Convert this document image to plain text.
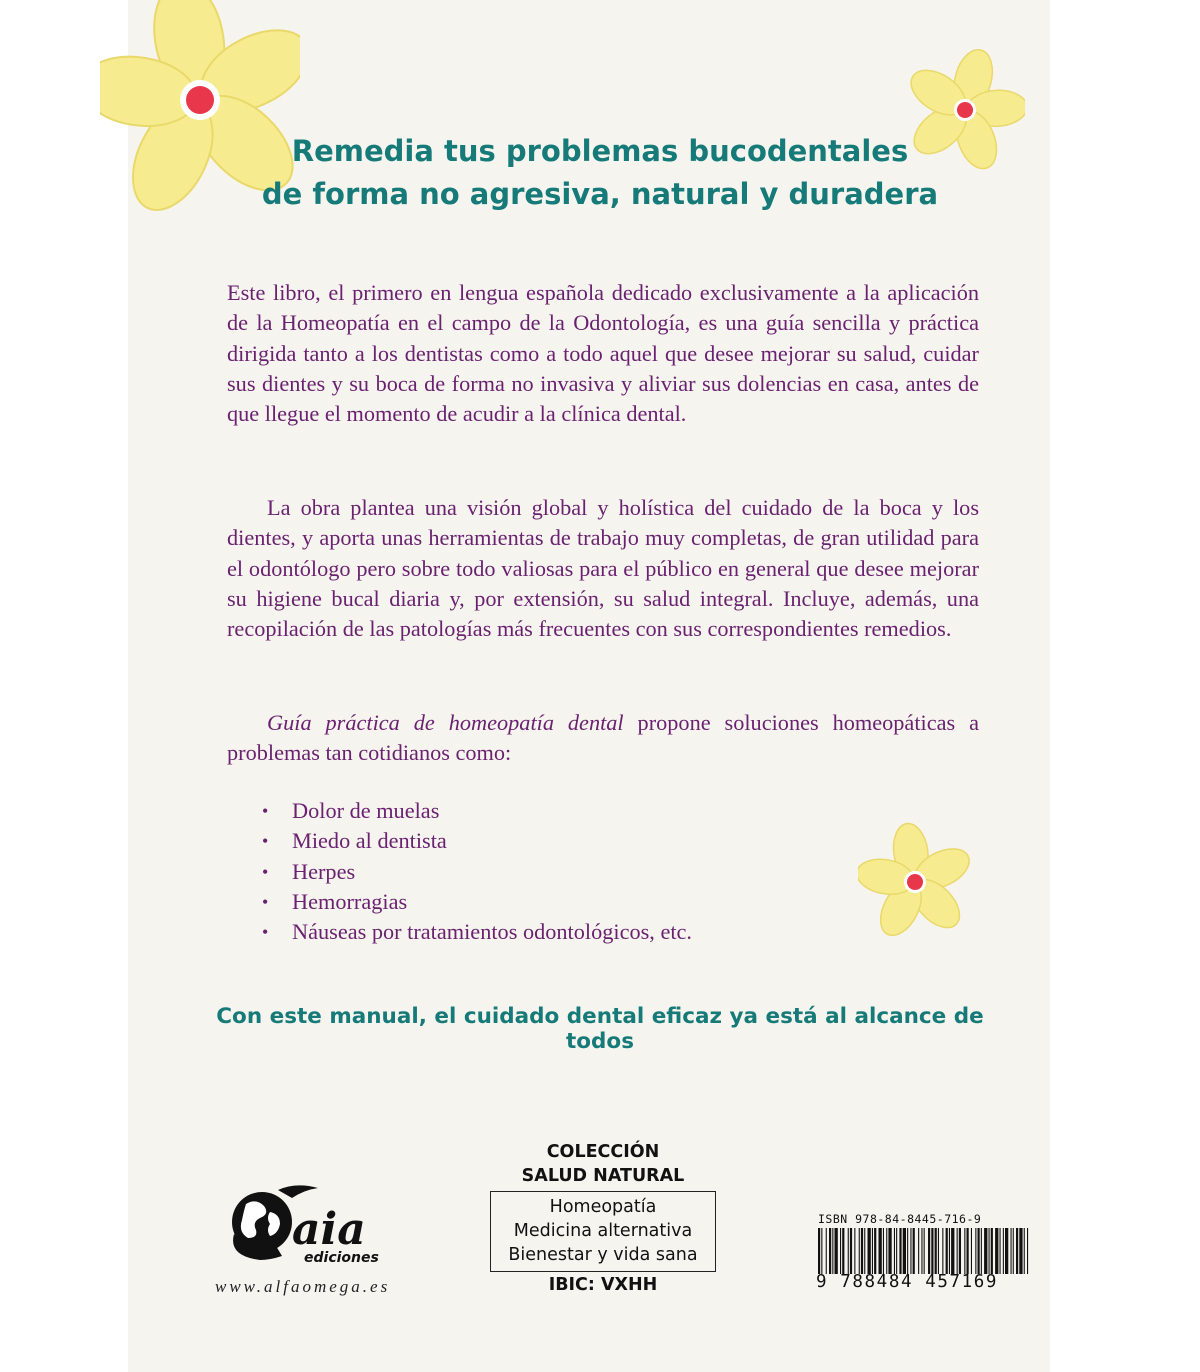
Remedia tus problemas bucodentales
de forma no agresiva, natural y duradera

Este libro, el primero en lengua española dedicado exclusivamente a la aplicación de la Homeopatía en el campo de la Odontología, es una guía sencilla y práctica dirigida tanto a los dentistas como a todo aquel que desee mejorar su salud, cuidar sus dientes y su boca de forma no invasiva y aliviar sus dolencias en casa, antes de que llegue el momento de acudir a la clínica dental.

La obra plantea una visión global y holística del cuidado de la boca y los dientes, y aporta unas herramientas de trabajo muy completas, de gran utilidad para el odontólogo pero sobre todo valiosas para el público en general que desee mejorar su higiene bucal diaria y, por extensión, su salud integral. Incluye, además, una recopilación de las patologías más frecuentes con sus correspondientes remedios.

Guía práctica de homeopatía dental propone soluciones homeopáticas a problemas tan cotidianos como:

• Dolor de muelas
• Miedo al dentista
• Herpes
• Hemorragias
• Náuseas por tratamientos odontológicos, etc.

Con este manual, el cuidado dental eficaz ya está al alcance de todos

aia
ediciones
www.alfaomega.es
COLECCIÓN
SALUD NATURAL
Homeopatía
Medicina alternativa
Bienestar y vida sana
IBIC: VXHH
ISBN 978-84-8445-716-9
9 788484 457169
